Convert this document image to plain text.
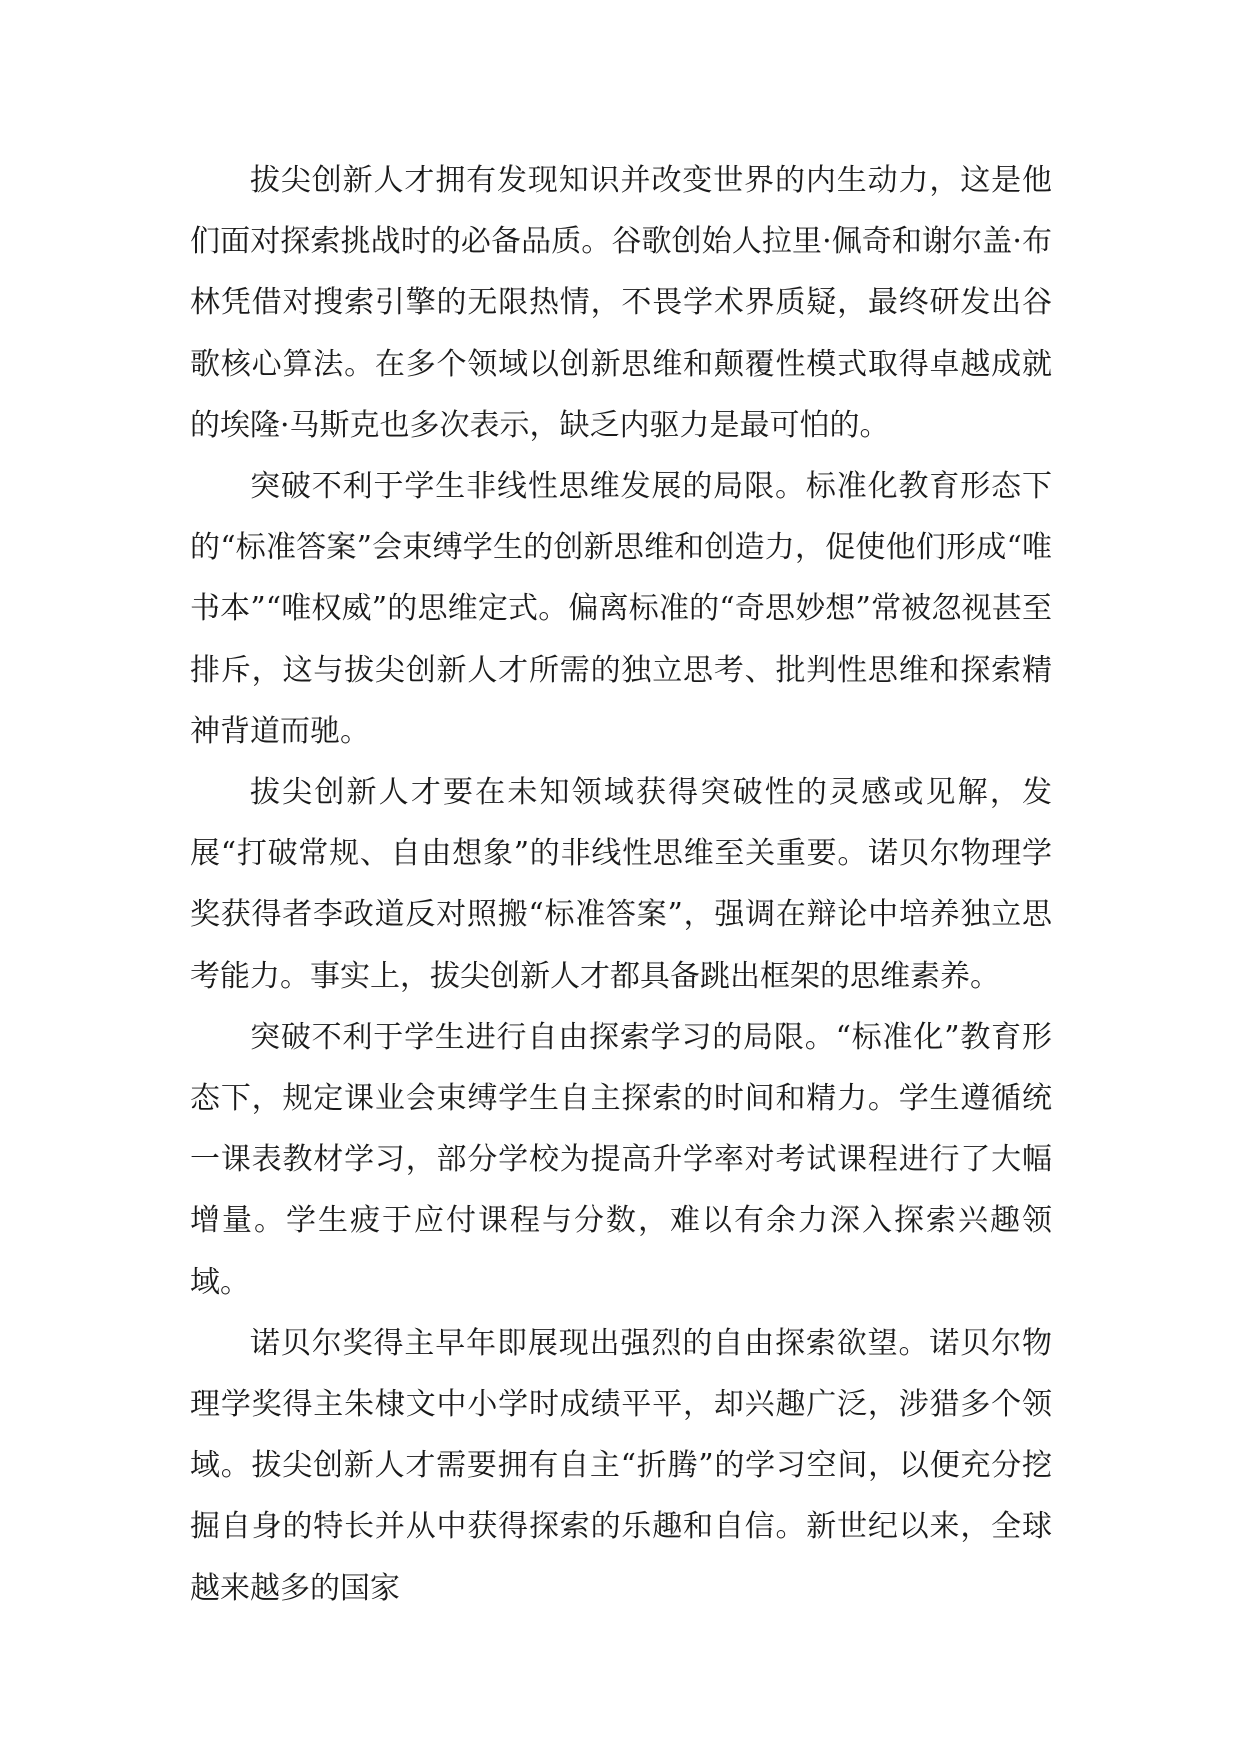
拔尖创新人才拥有发现知识并改变世界的内生动力，这是他们面对探索挑战时的必备品质。谷歌创始人拉里·佩奇和谢尔盖·布林凭借对搜索引擎的无限热情，不畏学术界质疑，最终研发出谷歌核心算法。在多个领域以创新思维和颠覆性模式取得卓越成就的埃隆·马斯克也多次表示，缺乏内驱力是最可怕的。

突破不利于学生非线性思维发展的局限。标准化教育形态下的“标准答案”会束缚学生的创新思维和创造力，促使他们形成“唯书本”“唯权威”的思维定式。偏离标准的“奇思妙想”常被忽视甚至排斥，这与拔尖创新人才所需的独立思考、批判性思维和探索精神背道而驰。

拔尖创新人才要在未知领域获得突破性的灵感或见解，发展“打破常规、自由想象”的非线性思维至关重要。诺贝尔物理学奖获得者李政道反对照搬“标准答案”，强调在辩论中培养独立思考能力。事实上，拔尖创新人才都具备跳出框架的思维素养。

突破不利于学生进行自由探索学习的局限。“标准化”教育形态下，规定课业会束缚学生自主探索的时间和精力。学生遵循统一课表教材学习，部分学校为提高升学率对考试课程进行了大幅增量。学生疲于应付课程与分数，难以有余力深入探索兴趣领域。

诺贝尔奖得主早年即展现出强烈的自由探索欲望。诺贝尔物理学奖得主朱棣文中小学时成绩平平，却兴趣广泛，涉猎多个领域。拔尖创新人才需要拥有自主“折腾”的学习空间，以便充分挖掘自身的特长并从中获得探索的乐趣和自信。新世纪以来，全球越来越多的国家
